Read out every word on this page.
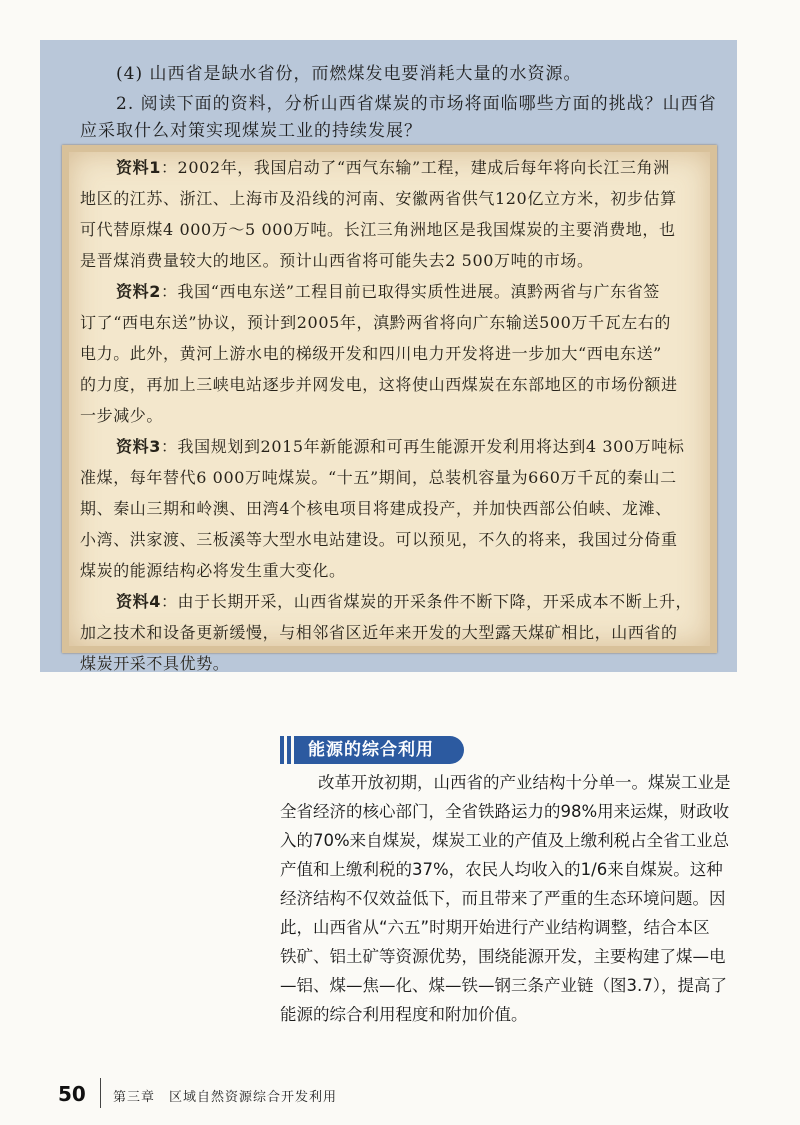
(4) 山西省是缺水省份，而燃煤发电要消耗大量的水资源。
2. 阅读下面的资料，分析山西省煤炭的市场将面临哪些方面的挑战？山西省
应采取什么对策实现煤炭工业的持续发展？
资料1：2002年，我国启动了“西气东输”工程，建成后每年将向长江三角洲
地区的江苏、浙江、上海市及沿线的河南、安徽两省供气120亿立方米，初步估算
可代替原煤4 000万～5 000万吨。长江三角洲地区是我国煤炭的主要消费地，也
是晋煤消费量较大的地区。预计山西省将可能失去2 500万吨的市场。
资料2：我国“西电东送”工程目前已取得实质性进展。滇黔两省与广东省签
订了“西电东送”协议，预计到2005年，滇黔两省将向广东输送500万千瓦左右的
电力。此外，黄河上游水电的梯级开发和四川电力开发将进一步加大“西电东送”
的力度，再加上三峡电站逐步并网发电，这将使山西煤炭在东部地区的市场份额进
一步减少。
资料3：我国规划到2015年新能源和可再生能源开发利用将达到4 300万吨标
准煤，每年替代6 000万吨煤炭。“十五”期间，总装机容量为660万千瓦的秦山二
期、秦山三期和岭澳、田湾4个核电项目将建成投产，并加快西部公伯峡、龙滩、
小湾、洪家渡、三板溪等大型水电站建设。可以预见，不久的将来，我国过分倚重
煤炭的能源结构必将发生重大变化。
资料4：由于长期开采，山西省煤炭的开采条件不断下降，开采成本不断上升，
加之技术和设备更新缓慢，与相邻省区近年来开发的大型露天煤矿相比，山西省的
煤炭开采不具优势。
能源的综合利用
改革开放初期，山西省的产业结构十分单一。煤炭工业是
全省经济的核心部门，全省铁路运力的98%用来运煤，财政收
入的70%来自煤炭，煤炭工业的产值及上缴利税占全省工业总
产值和上缴利税的37%，农民人均收入的1/6来自煤炭。这种
经济结构不仅效益低下，而且带来了严重的生态环境问题。因
此，山西省从“六五”时期开始进行产业结构调整，结合本区
铁矿、铝土矿等资源优势，围绕能源开发，主要构建了煤—电
—铝、煤—焦—化、煤—铁—钢三条产业链（图3.7），提高了
能源的综合利用程度和附加价值。
50 第三章　区域自然资源综合开发利用
